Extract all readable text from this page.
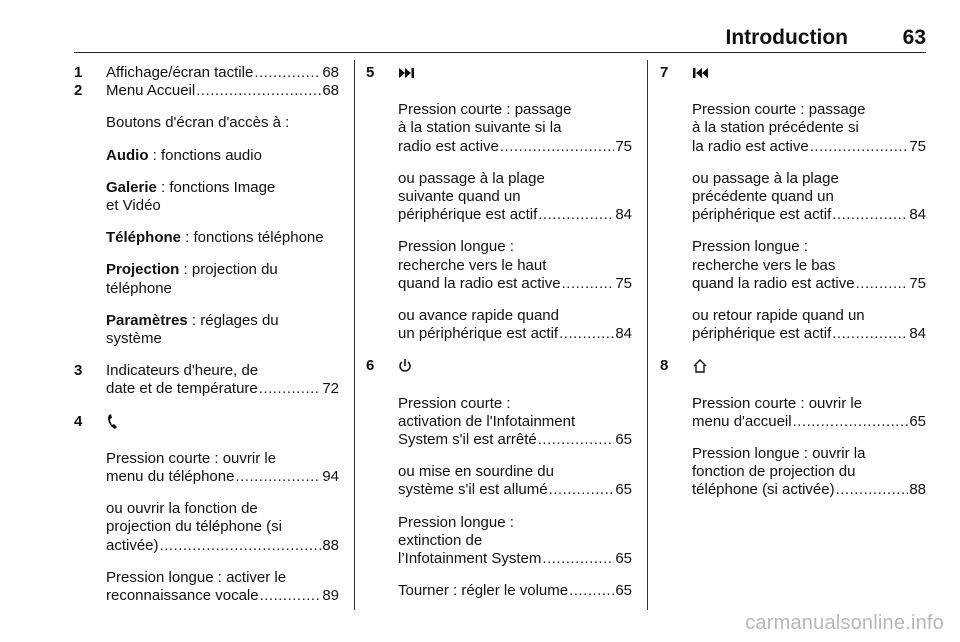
Introduction	63
1 Affichage/écran tactile .....	68
2 Menu Accueil .....	68
Boutons d'écran d'accès à :
Audio : fonctions audio
Galerie : fonctions Image
et Vidéo
Téléphone : fonctions téléphone
Projection : projection du
téléphone
Paramètres : réglages du
système
3 Indicateurs d'heure, de
date et de température .....	72
4
Pression courte : ouvrir le
menu du téléphone .....	94
ou ouvrir la fonction de
projection du téléphone (si
activée) .....	88
Pression longue : activer le
reconnaissance vocale .....	89
5
Pression courte : passage
à la station suivante si la
radio est active .....	75
ou passage à la plage
suivante quand un
périphérique est actif .....	84
Pression longue :
recherche vers le haut
quand la radio est active .....	75
ou avance rapide quand
un périphérique est actif .....	84
6
Pression courte :
activation de l'Infotainment
System s'il est arrêté .....	65
ou mise en sourdine du
système s'il est allumé .....	65
Pression longue :
extinction de
l’Infotainment System .....	65
Tourner : régler le volume .....	65
7
Pression courte : passage
à la station précédente si
la radio est active .....	75
ou passage à la plage
précédente quand un
périphérique est actif .....	84
Pression longue :
recherche vers le bas
quand la radio est active .....	75
ou retour rapide quand un
périphérique est actif .....	84
8
Pression courte : ouvrir le
menu d'accueil .....	65
Pression longue : ouvrir la
fonction de projection du
téléphone (si activée) .....	88
carmanualsonline.info
